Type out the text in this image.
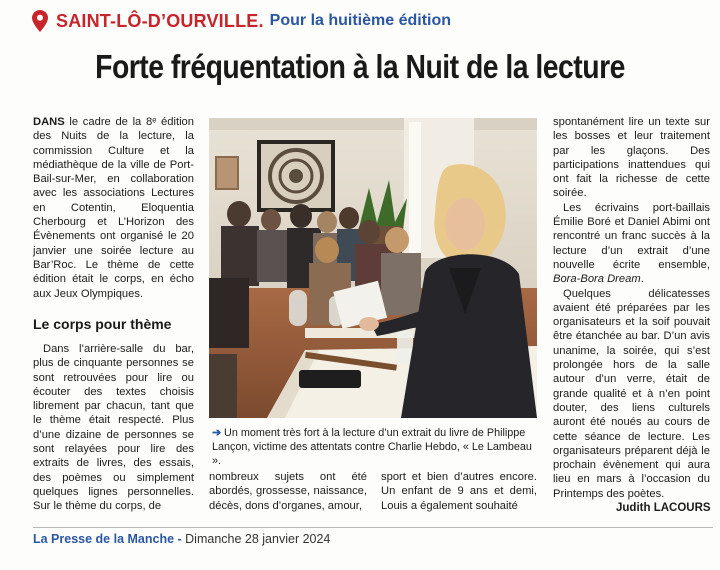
SAINT-LÔ-D’OURVILLE. Pour la huitième édition
Forte fréquentation à la Nuit de la lecture

DANS le cadre de la 8ᵉ édition des Nuits de la lecture, la commission Culture et la médiathèque de la ville de Port-Bail-sur-Mer, en collaboration avec les associations Lectures en Cotentin, Eloquentia Cherbourg et L’Horizon des Évènements ont organisé le 20 janvier une soirée lecture au Bar’Roc. Le thème de cette édition était le corps, en écho aux Jeux Olympiques.

Le corps pour thème

Dans l’arrière-salle du bar, plus de cinquante personnes se sont retrouvées pour lire ou écouter des textes choisis librement par chacun, tant que le thème était respecté. Plus d’une dizaine de personnes se sont relayées pour lire des extraits de livres, des essais, des poèmes ou simplement quelques lignes personnelles. Sur le thème du corps, de

➔ Un moment très fort à la lecture d’un extrait du livre de Philippe Lançon, victime des attentats contre Charlie Hebdo, « Le Lambeau ».

nombreux sujets ont été abordés, grossesse, naissance, décès, dons d’organes, amour,

sport et bien d’autres encore. Un enfant de 9 ans et demi, Louis a également souhaité

spontanément lire un texte sur les bosses et leur traitement par les glaçons. Des participations inattendues qui ont fait la richesse de cette soirée.

Les écrivains port-baillais Émilie Boré et Daniel Abimi ont rencontré un franc succès à la lecture d’un extrait d’une nouvelle écrite ensemble, Bora-Bora Dream.

Quelques délicatesses avaient été préparées par les organisateurs et la soif pouvait être étanchée au bar. D’un avis unanime, la soirée, qui s’est prolongée hors de la salle autour d’un verre, était de grande qualité et à n’en point douter, des liens culturels auront été noués au cours de cette séance de lecture. Les organisateurs préparent déjà le prochain évènement qui aura lieu en mars à l’occasion du Printemps des poètes.

Judith LACOURS
La Presse de la Manche - Dimanche 28 janvier 2024
